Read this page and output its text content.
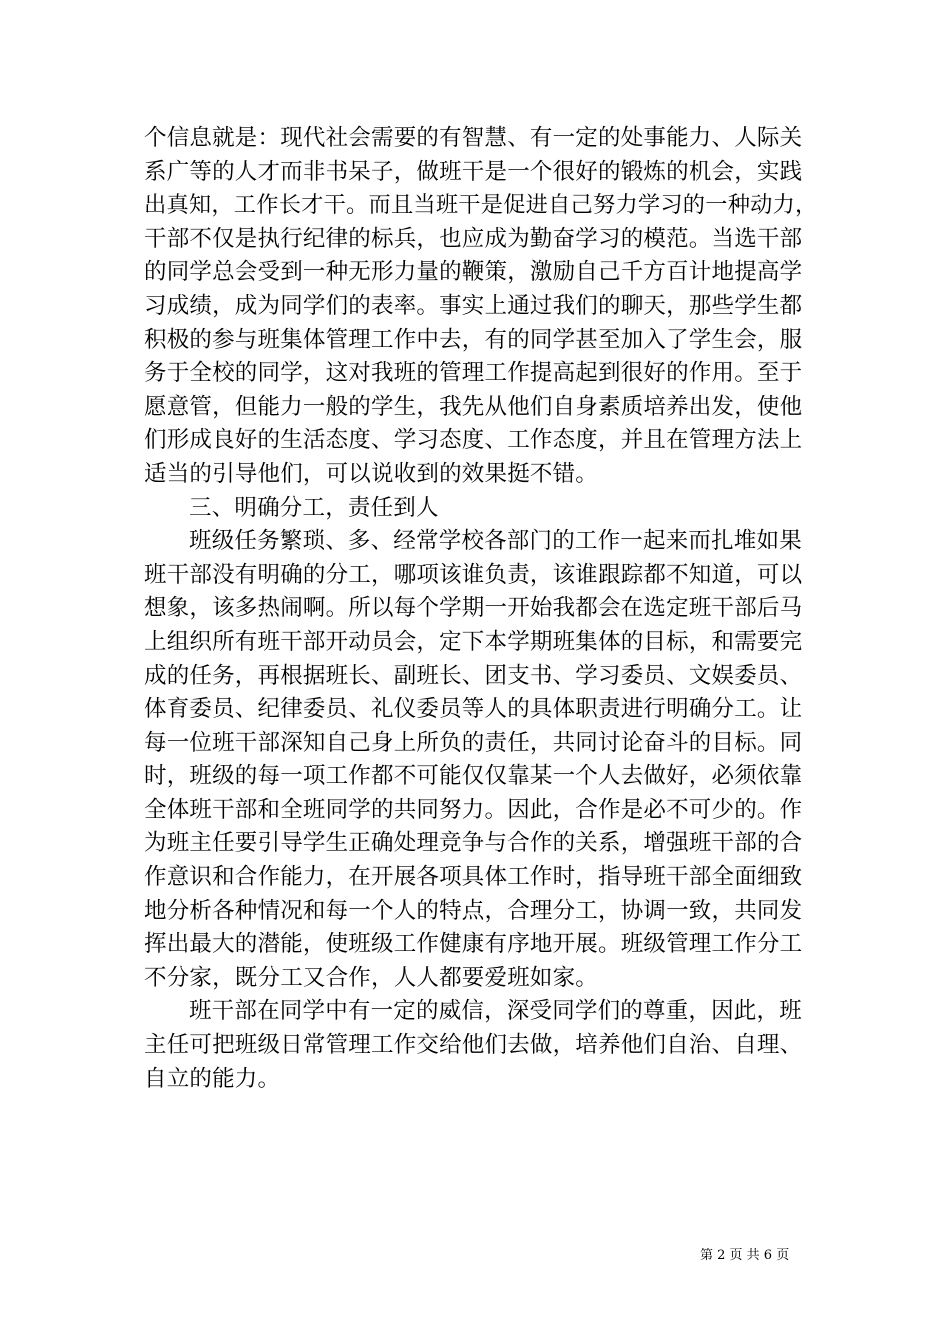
个信息就是：现代社会需要的有智慧、有一定的处事能力、人际关
系广等的人才而非书呆子，做班干是一个很好的锻炼的机会，实践
出真知，工作长才干。而且当班干是促进自己努力学习的一种动力，
干部不仅是执行纪律的标兵，也应成为勤奋学习的模范。当选干部
的同学总会受到一种无形力量的鞭策，激励自己千方百计地提高学
习成绩，成为同学们的表率。事实上通过我们的聊天，那些学生都
积极的参与班集体管理工作中去，有的同学甚至加入了学生会，服
务于全校的同学，这对我班的管理工作提高起到很好的作用。至于
愿意管，但能力一般的学生，我先从他们自身素质培养出发，使他
们形成良好的生活态度、学习态度、工作态度，并且在管理方法上
适当的引导他们，可以说收到的效果挺不错。
三、明确分工，责任到人
班级任务繁琐、多、经常学校各部门的工作一起来而扎堆如果
班干部没有明确的分工，哪项该谁负责，该谁跟踪都不知道，可以
想象，该多热闹啊。所以每个学期一开始我都会在选定班干部后马
上组织所有班干部开动员会，定下本学期班集体的目标，和需要完
成的任务，再根据班长、副班长、团支书、学习委员、文娱委员、
体育委员、纪律委员、礼仪委员等人的具体职责进行明确分工。让
每一位班干部深知自己身上所负的责任，共同讨论奋斗的目标。同
时，班级的每一项工作都不可能仅仅靠某一个人去做好，必须依靠
全体班干部和全班同学的共同努力。因此，合作是必不可少的。作
为班主任要引导学生正确处理竞争与合作的关系，增强班干部的合
作意识和合作能力，在开展各项具体工作时，指导班干部全面细致
地分析各种情况和每一个人的特点，合理分工，协调一致，共同发
挥出最大的潜能，使班级工作健康有序地开展。班级管理工作分工
不分家，既分工又合作，人人都要爱班如家。
班干部在同学中有一定的威信，深受同学们的尊重，因此，班
主任可把班级日常管理工作交给他们去做，培养他们自治、自理、
自立的能力。
第 2 页 共 6 页
